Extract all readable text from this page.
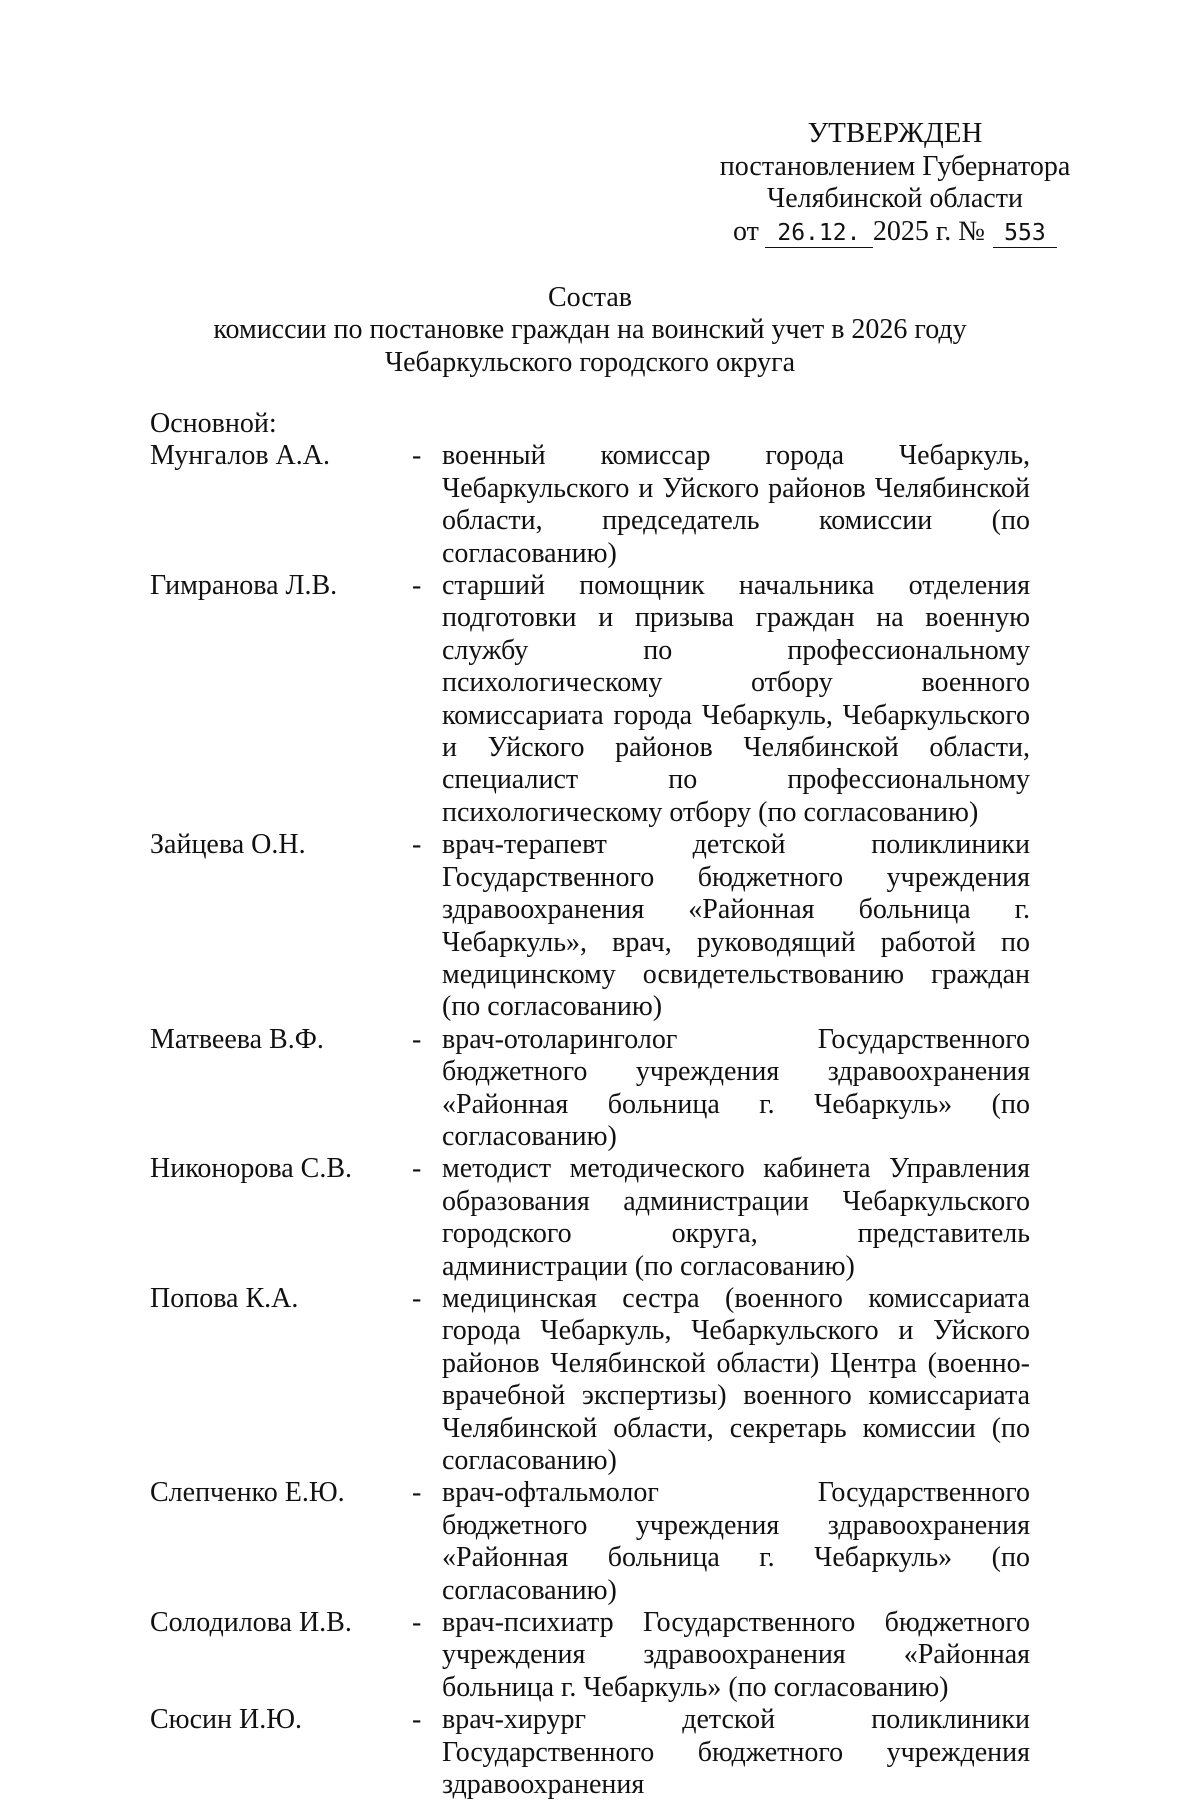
УТВЕРЖДЕН
постановлением Губернатора
Челябинской области
от 26.12. 2025 г. № 553
Состав
комиссии по постановке граждан на воинский учет в 2026 году
Чебаркульского городского округа
Основной:
Мунгалов А.А.	- военный комиссар города Чебаркуль, Чебаркульского и Уйского районов Челябинской области, председатель комиссии (по согласованию)
Гимранова Л.В.	- старший помощник начальника отделения подготовки и призыва граждан на военную службу по профессиональному психологическому отбору военного комиссариата города Чебаркуль, Чебаркульского и Уйского районов Челябинской области, специалист по профессиональному психологическому отбору (по согласованию)
Зайцева О.Н.	- врач-терапевт детской поликлиники Государственного бюджетного учреждения здравоохранения «Районная больница г. Чебаркуль», врач, руководящий работой по медицинскому освидетельствованию граждан (по согласованию)
Матвеева В.Ф.	- врач-отоларинголог Государственного бюджетного учреждения здравоохранения «Районная больница г. Чебаркуль» (по согласованию)
Никонорова С.В.	- методист методического кабинета Управления образования администрации Чебаркульского городского округа, представитель администрации (по согласованию)
Попова К.А.	- медицинская сестра (военного комиссариата города Чебаркуль, Чебаркульского и Уйского районов Челябинской области) Центра (военно-врачебной экспертизы) военного комиссариата Челябинской области, секретарь комиссии (по согласованию)
Слепченко Е.Ю.	- врач-офтальмолог Государственного бюджетного учреждения здравоохранения «Районная больница г. Чебаркуль» (по согласованию)
Солодилова И.В.	- врач-психиатр Государственного бюджетного учреждения здравоохранения «Районная больница г. Чебаркуль» (по согласованию)
Сюсин И.Ю.	- врач-хирург детской поликлиники Государственного бюджетного учреждения здравоохранения
